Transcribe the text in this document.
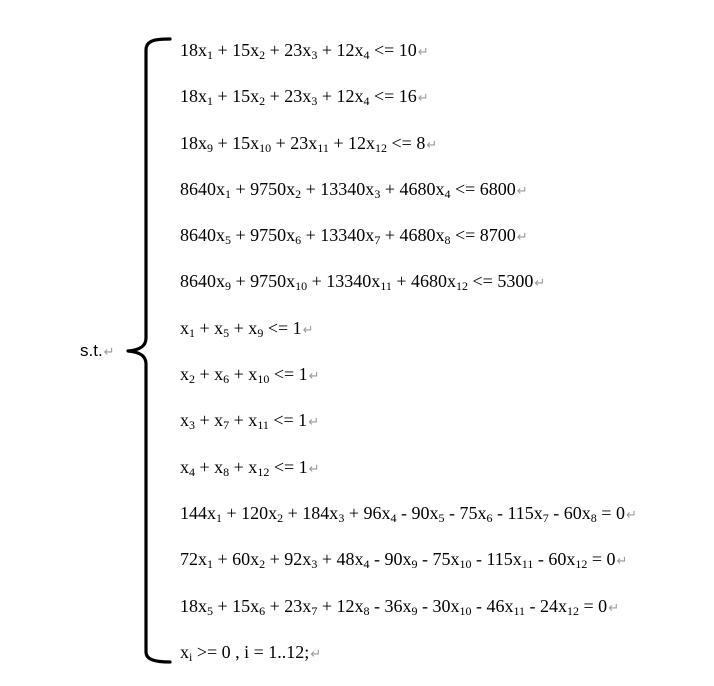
s.t.↵
$18x_1 + 15x_2 + 23x_3 + 12x_4$ <= 10↵
$18x_1 + 15x_2 + 23x_3 + 12x_4$ <= 16↵
$18x_9 + 15x_{10} + 23x_{11} + 12x_{12}$ <= 8↵
$8640x_1 + 9750x_2 + 13340x_3 + 4680x_4$ <= 6800↵
$8640x_5 + 9750x_6 + 13340x_7 + 4680x_8$ <= 8700↵
$8640x_9 + 9750x_{10} + 13340x_{11} + 4680x_{12}$ <= 5300↵
$x_1 + x_5 + x_9$ <= 1↵
$x_2 + x_6 + x_{10}$ <= 1↵
$x_3 + x_7 + x_{11}$ <= 1↵
$x_4 + x_8 + x_{12}$ <= 1↵
$144x_1 + 120x_2 + 184x_3 + 96x_4 - 90x_5 - 75x_6 - 115x_7 - 60x_8$ = 0↵
$72x_1 + 60x_2 + 92x_3 + 48x_4 - 90x_9 - 75x_{10} - 115x_{11} - 60x_{12}$ = 0↵
$18x_5 + 15x_6 + 23x_7 + 12x_8 - 36x_9 - 30x_{10} - 46x_{11} - 24x_{12}$ = 0↵
$x_i >= 0$ , i = 1..12;↵
